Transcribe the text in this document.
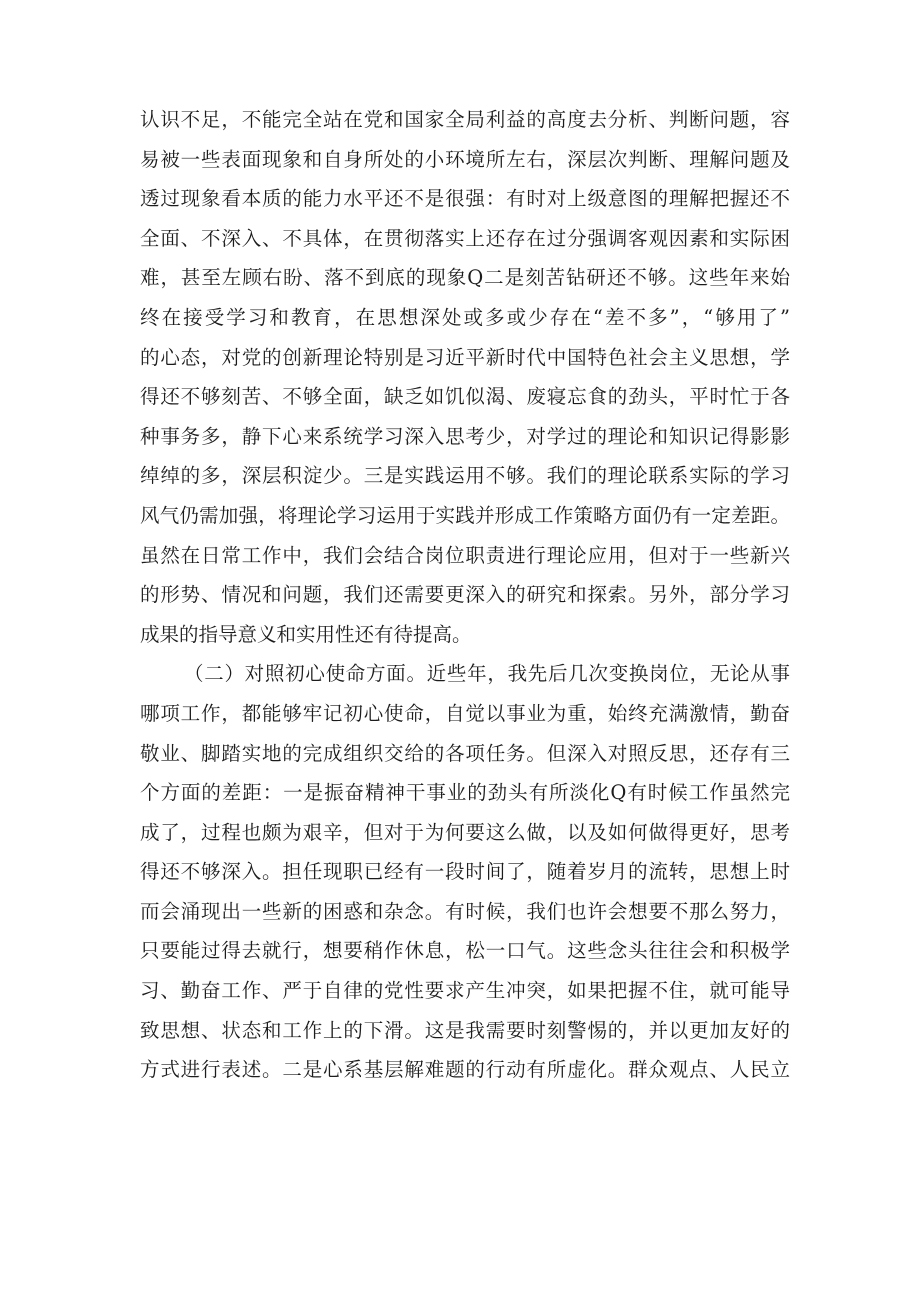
认识不足，不能完全站在党和国家全局利益的高度去分析、判断问题，容
易被一些表面现象和自身所处的小环境所左右，深层次判断、理解问题及
透过现象看本质的能力水平还不是很强：有时对上级意图的理解把握还不
全面、不深入、不具体，在贯彻落实上还存在过分强调客观因素和实际困
难，甚至左顾右盼、落不到底的现象Q二是刻苦钻研还不够。这些年来始
终在接受学习和教育，在思想深处或多或少存在“差不多”，“够用了”
的心态，对党的创新理论特别是习近平新时代中国特色社会主义思想，学
得还不够刻苦、不够全面，缺乏如饥似渴、废寝忘食的劲头，平时忙于各
种事务多，静下心来系统学习深入思考少，对学过的理论和知识记得影影
绰绰的多，深层积淀少。三是实践运用不够。我们的理论联系实际的学习
风气仍需加强，将理论学习运用于实践并形成工作策略方面仍有一定差距。
虽然在日常工作中，我们会结合岗位职责进行理论应用，但对于一些新兴
的形势、情况和问题，我们还需要更深入的研究和探索。另外，部分学习
成果的指导意义和实用性还有待提高。
（二）对照初心使命方面。近些年，我先后几次变换岗位，无论从事
哪项工作，都能够牢记初心使命，自觉以事业为重，始终充满激情，勤奋
敬业、脚踏实地的完成组织交给的各项任务。但深入对照反思，还存有三
个方面的差距：一是振奋精神干事业的劲头有所淡化Q有时候工作虽然完
成了，过程也颇为艰辛，但对于为何要这么做，以及如何做得更好，思考
得还不够深入。担任现职已经有一段时间了，随着岁月的流转，思想上时
而会涌现出一些新的困惑和杂念。有时候，我们也许会想要不那么努力，
只要能过得去就行，想要稍作休息，松一口气。这些念头往往会和积极学
习、勤奋工作、严于自律的党性要求产生冲突，如果把握不住，就可能导
致思想、状态和工作上的下滑。这是我需要时刻警惕的，并以更加友好的
方式进行表述。二是心系基层解难题的行动有所虚化。群众观点、人民立
